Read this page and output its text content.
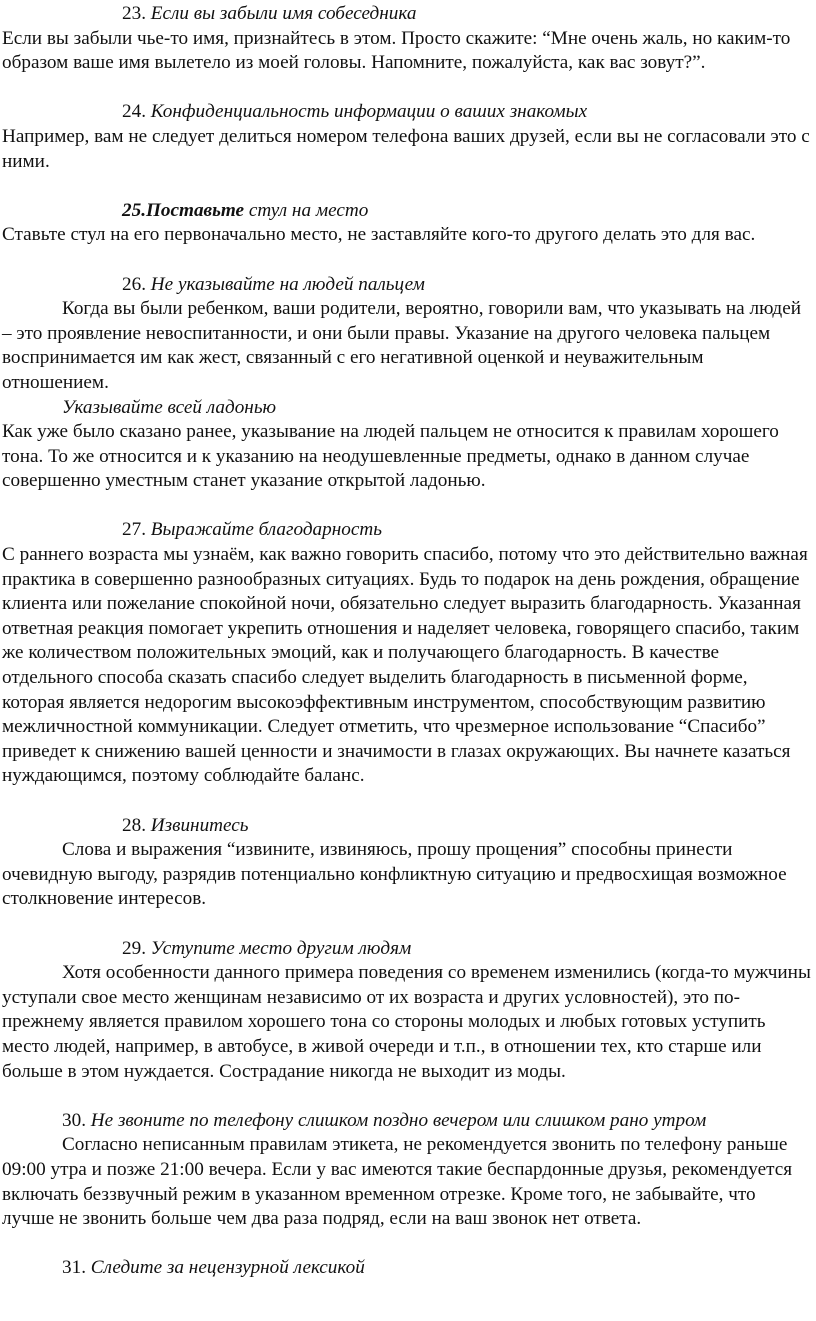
23. Если вы забыли имя собеседника

Если вы забыли чье-то имя, признайтесь в этом. Просто скажите: “Мне очень жаль, но каким-то образом ваше имя вылетело из моей головы. Напомните, пожалуйста, как вас зовут?”.

24. Конфиденциальность информации о ваших знакомых

Например, вам не следует делиться номером телефона ваших друзей, если вы не согласовали это с ними.

25.Поставьте стул на место

Ставьте стул на его первоначально место, не заставляйте кого-то другого делать это для вас.

26. Не указывайте на людей пальцем

Когда вы были ребенком, ваши родители, вероятно, говорили вам, что указывать на людей – это проявление невоспитанности, и они были правы. Указание на другого человека пальцем воспринимается им как жест, связанный с его негативной оценкой и неуважительным отношением.

Указывайте всей ладонью

Как уже было сказано ранее, указывание на людей пальцем не относится к правилам хорошего тона. То же относится и к указанию на неодушевленные предметы, однако в данном случае совершенно уместным станет указание открытой ладонью.

27. Выражайте благодарность

С раннего возраста мы узнаём, как важно говорить спасибо, потому что это действительно важная практика в совершенно разнообразных ситуациях. Будь то подарок на день рождения, обращение клиента или пожелание спокойной ночи, обязательно следует выразить благодарность. Указанная ответная реакция помогает укрепить отношения и наделяет человека, говорящего спасибо, таким же количеством положительных эмоций, как и получающего благодарность. В качестве отдельного способа сказать спасибо следует выделить благодарность в письменной форме, которая является недорогим высокоэффективным инструментом, способствующим развитию межличностной коммуникации. Следует отметить, что чрезмерное использование “Спасибо” приведет к снижению вашей ценности и значимости в глазах окружающих. Вы начнете казаться нуждающимся, поэтому соблюдайте баланс.

28. Извинитесь

Слова и выражения “извините, извиняюсь, прошу прощения” способны принести очевидную выгоду, разрядив потенциально конфликтную ситуацию и предвосхищая возможное столкновение интересов.

29. Уступите место другим людям

Хотя особенности данного примера поведения со временем изменились (когда-то мужчины уступали свое место женщинам независимо от их возраста и других условностей), это по-прежнему является правилом хорошего тона со стороны молодых и любых готовых уступить место людей, например, в автобусе, в живой очереди и т.п., в отношении тех, кто старше или больше в этом нуждается. Сострадание никогда не выходит из моды.

30. Не звоните по телефону слишком поздно вечером или слишком рано утром

Согласно неписанным правилам этикета, не рекомендуется звонить по телефону раньше 09:00 утра и позже 21:00 вечера. Если у вас имеются такие беспардонные друзья, рекомендуется включать беззвучный режим в указанном временном отрезке. Кроме того, не забывайте, что лучше не звонить больше чем два раза подряд, если на ваш звонок нет ответа.

31. Следите за нецензурной лексикой
